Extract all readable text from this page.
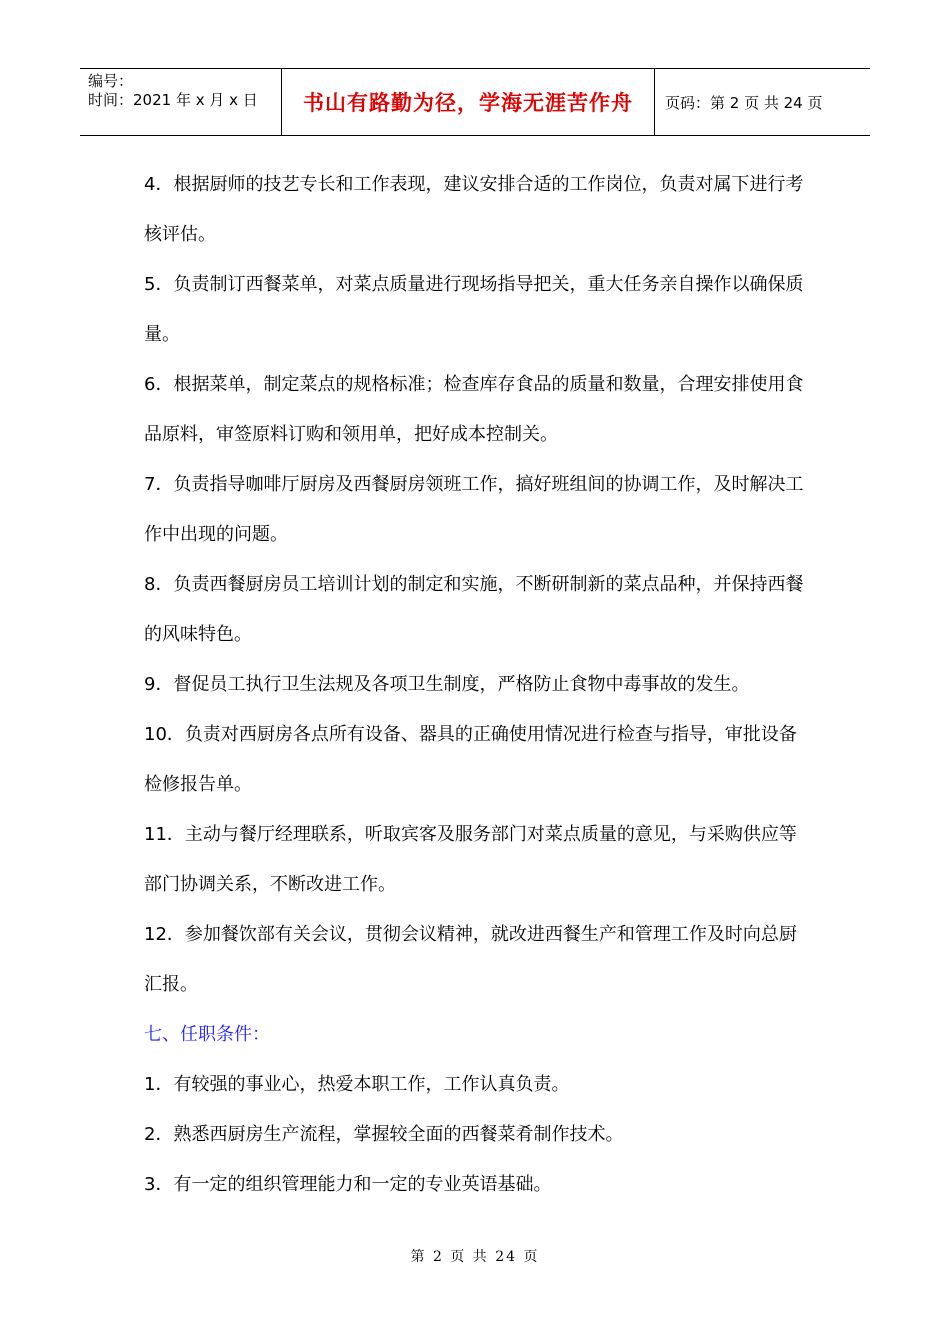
编号：
时间：2021 年 x 月 x 日	书山有路勤为径，学海无涯苦作舟 页码：第 2 页 共 24 页

4．根据厨师的技艺专长和工作表现，建议安排合适的工作岗位，负责对属下进行考核评估。

5．负责制订西餐菜单，对菜点质量进行现场指导把关，重大任务亲自操作以确保质量。

6．根据菜单，制定菜点的规格标准；检查库存食品的质量和数量，合理安排使用食品原料，审签原料订购和领用单，把好成本控制关。

7．负责指导咖啡厅厨房及西餐厨房领班工作，搞好班组间的协调工作，及时解决工作中出现的问题。

8．负责西餐厨房员工培训计划的制定和实施，不断研制新的菜点品种，并保持西餐的风味特色。

9．督促员工执行卫生法规及各项卫生制度，严格防止食物中毒事故的发生。

10．负责对西厨房各点所有设备、器具的正确使用情况进行检查与指导，审批设备检修报告单。

11．主动与餐厅经理联系，听取宾客及服务部门对菜点质量的意见，与采购供应等部门协调关系，不断改进工作。

12．参加餐饮部有关会议，贯彻会议精神，就改进西餐生产和管理工作及时向总厨汇报。

七、任职条件：

1．有较强的事业心，热爱本职工作，工作认真负责。

2．熟悉西厨房生产流程，掌握较全面的西餐菜肴制作技术。

3．有一定的组织管理能力和一定的专业英语基础。

第 2 页 共 24 页
